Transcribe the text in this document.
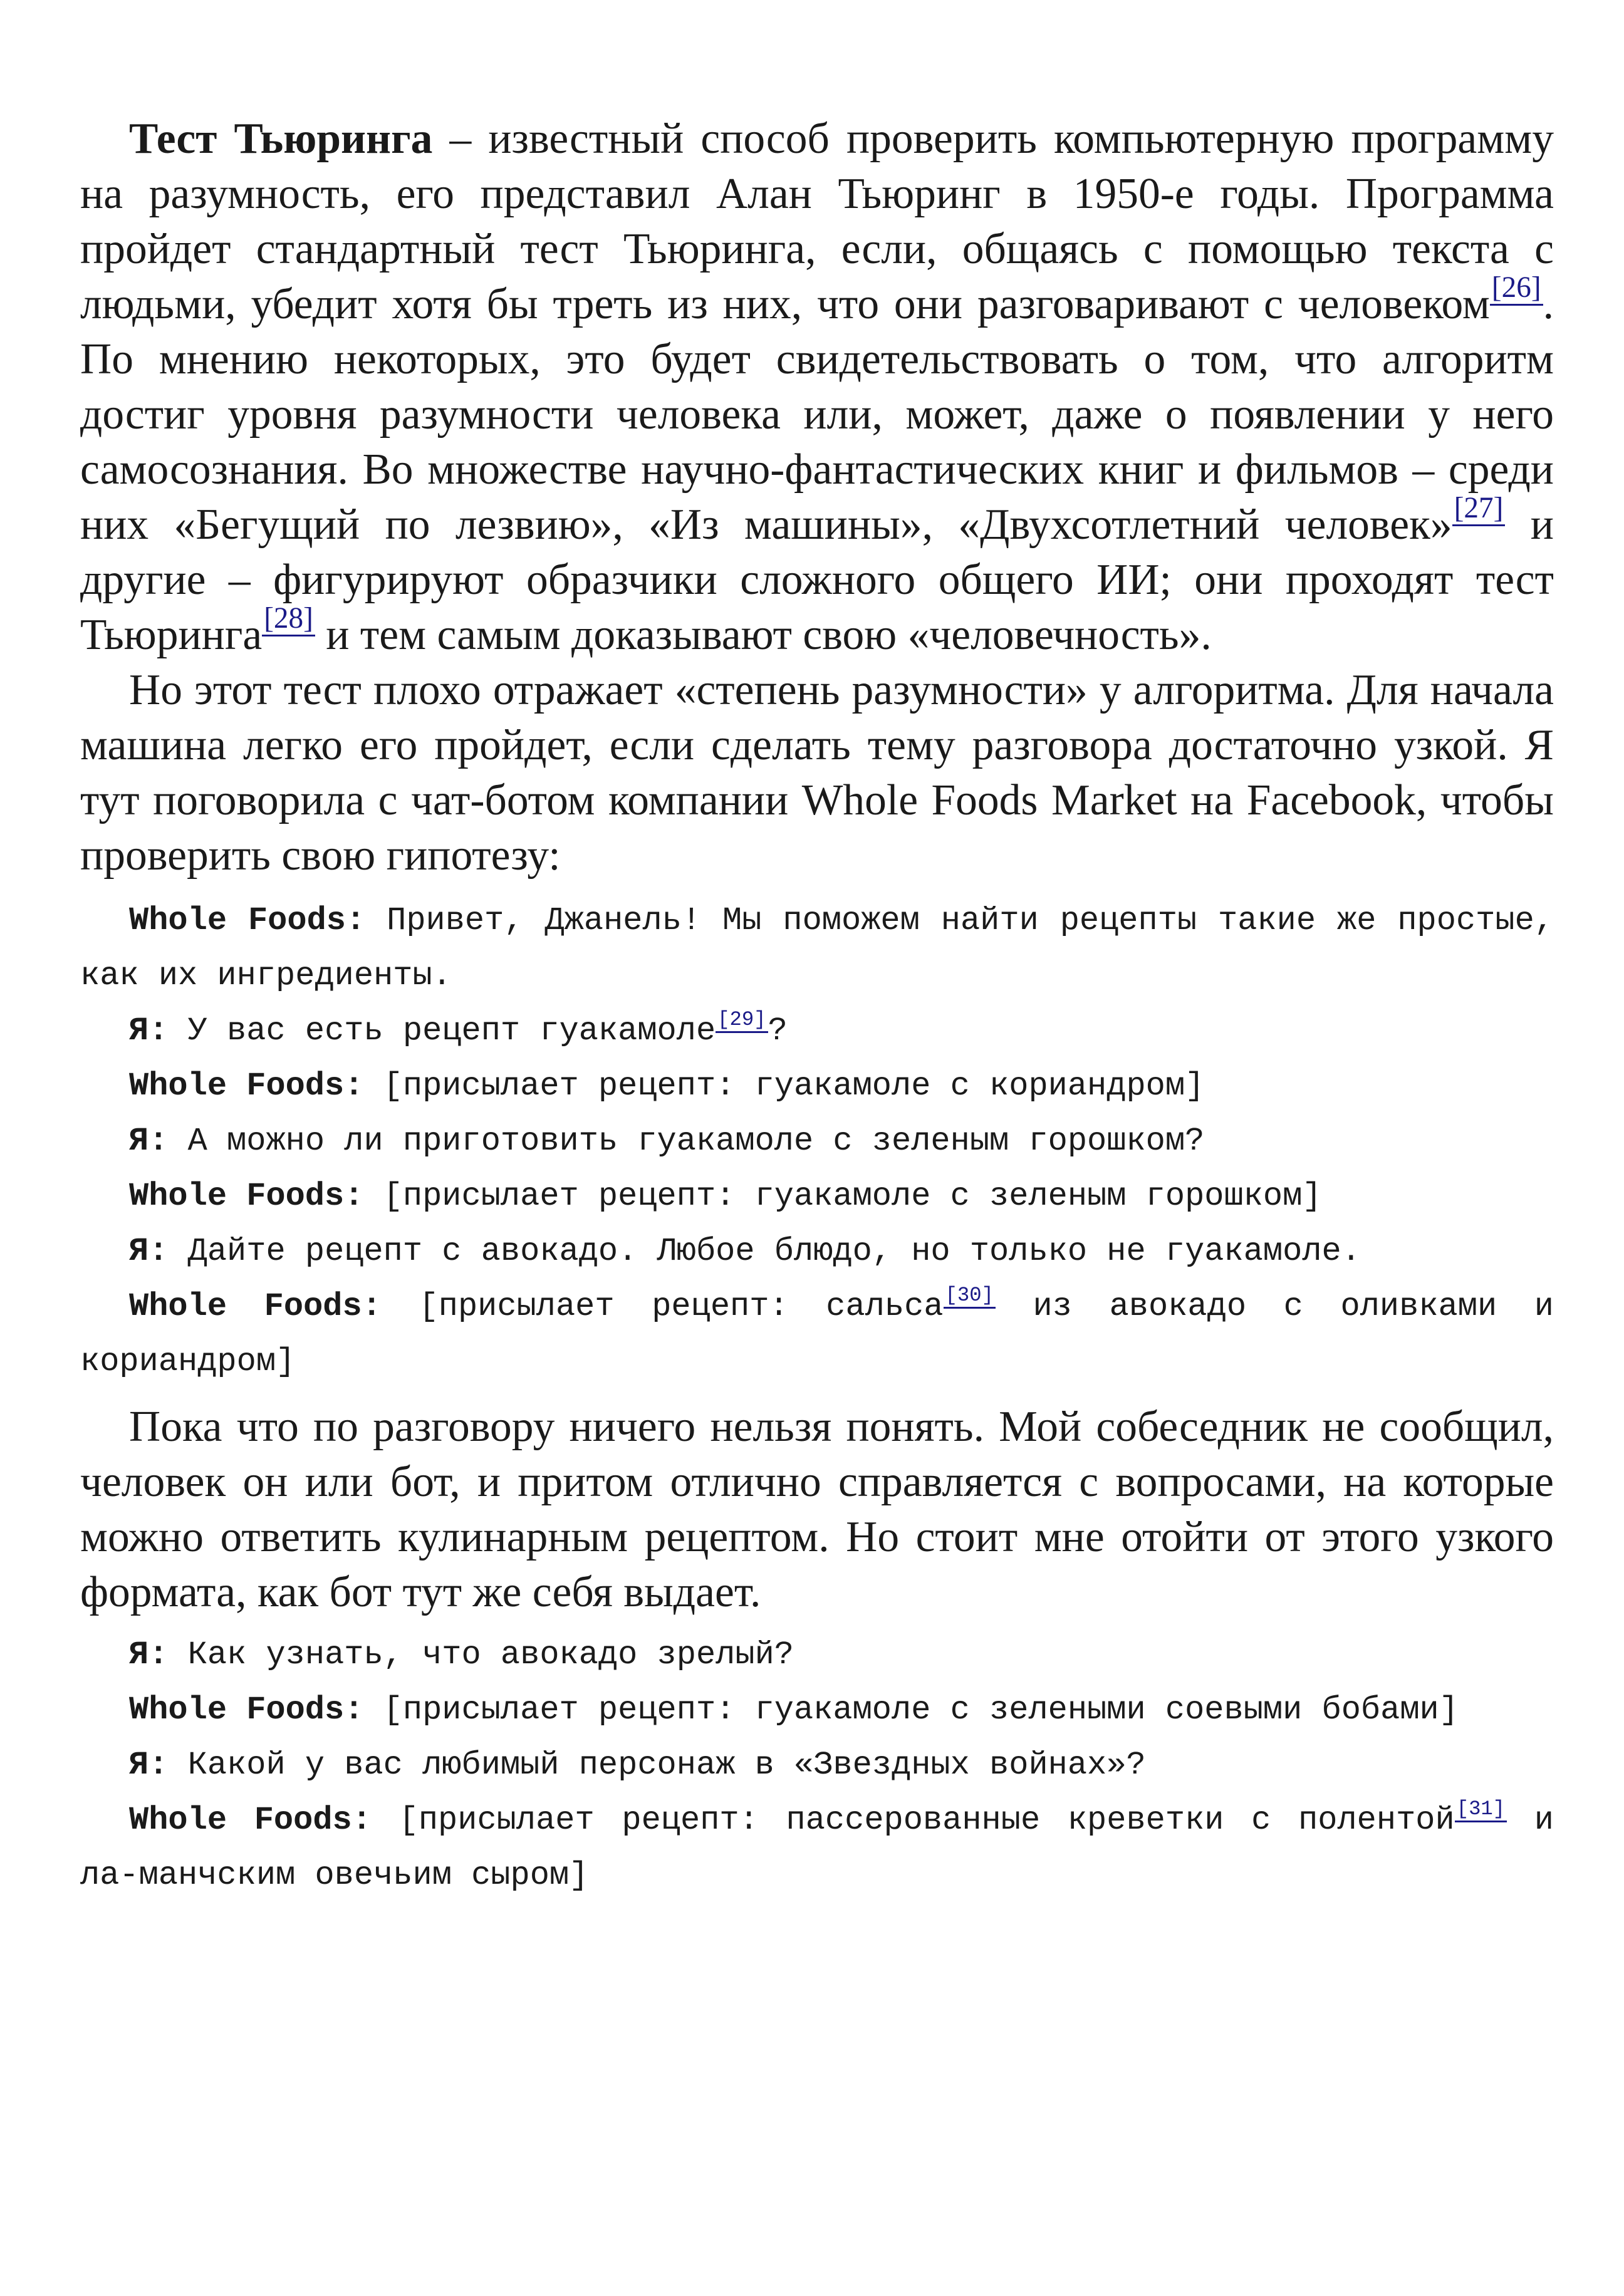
Тест Тьюринга – известный способ проверить компьютерную программу на разумность, его представил Алан Тьюринг в 1950-е годы. Программа пройдет стандартный тест Тьюринга, если, общаясь с помощью текста с людьми, убедит хотя бы треть из них, что они разговаривают с человеком[26]. По мнению некоторых, это будет свидетельствовать о том, что алгоритм достиг уровня разумности человека или, может, даже о появлении у него самосознания. Во множестве научно-фантастических книг и фильмов – среди них «Бегущий по лезвию», «Из машины», «Двухсотлетний человек»[27] и другие – фигурируют образчики сложного общего ИИ; они проходят тест Тьюринга[28] и тем самым доказывают свою «человечность».

Но этот тест плохо отражает «степень разумности» у алгоритма. Для начала машина легко его пройдет, если сделать тему разговора достаточно узкой. Я тут поговорила с чат-ботом компании Whole Foods Market на Facebook, чтобы проверить свою гипотезу:

Whole Foods: Привет, Джанель! Мы поможем найти рецепты такие же простые, как их ингредиенты.

Я: У вас есть рецепт гуакамоле[29]?

Whole Foods: [присылает рецепт: гуакамоле с кориандром]

Я: А можно ли приготовить гуакамоле с зеленым горошком?

Whole Foods: [присылает рецепт: гуакамоле с зеленым горошком]

Я: Дайте рецепт с авокадо. Любое блюдо, но только не гуакамоле.

Whole Foods: [присылает рецепт: сальса[30] из авокадо с оливками и кориандром]

Пока что по разговору ничего нельзя понять. Мой собеседник не сообщил, человек он или бот, и притом отлично справляется с вопросами, на которые можно ответить кулинарным рецептом. Но стоит мне отойти от этого узкого формата, как бот тут же себя выдает.

Я: Как узнать, что авокадо зрелый?

Whole Foods: [присылает рецепт: гуакамоле с зелеными соевыми бобами]

Я: Какой у вас любимый персонаж в «Звездных войнах»?

Whole Foods: [присылает рецепт: пассерованные креветки с полентой[31] и ла-манчским овечьим сыром]
